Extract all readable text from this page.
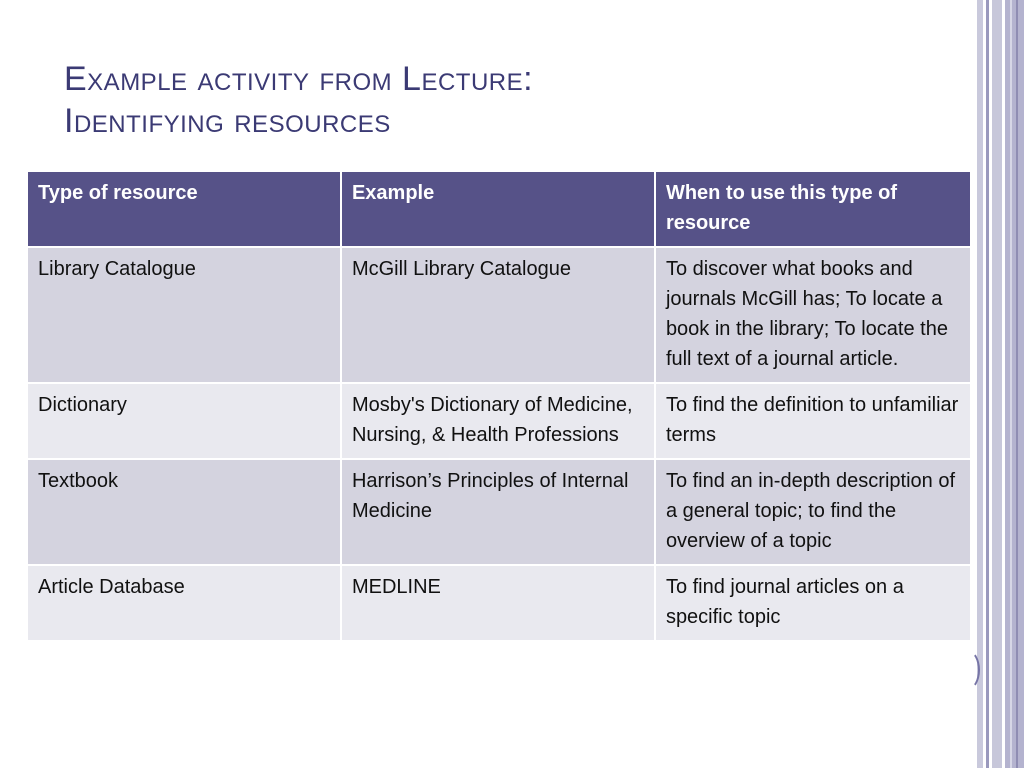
Example activity from Lecture:
Identifying resources
Type of resource	Example	When to use this type of resource
Library Catalogue	McGill Library Catalogue	To discover what books and journals McGill has; To locate a book in the library; To locate the full text of a journal article.
Dictionary	Mosby's Dictionary of Medicine, Nursing, & Health Professions	To find the definition to unfamiliar terms
Textbook	Harrison’s Principles of Internal Medicine	To find an in-depth description of a general topic; to find the overview of a topic
Article Database	MEDLINE	To find journal articles on a specific topic
